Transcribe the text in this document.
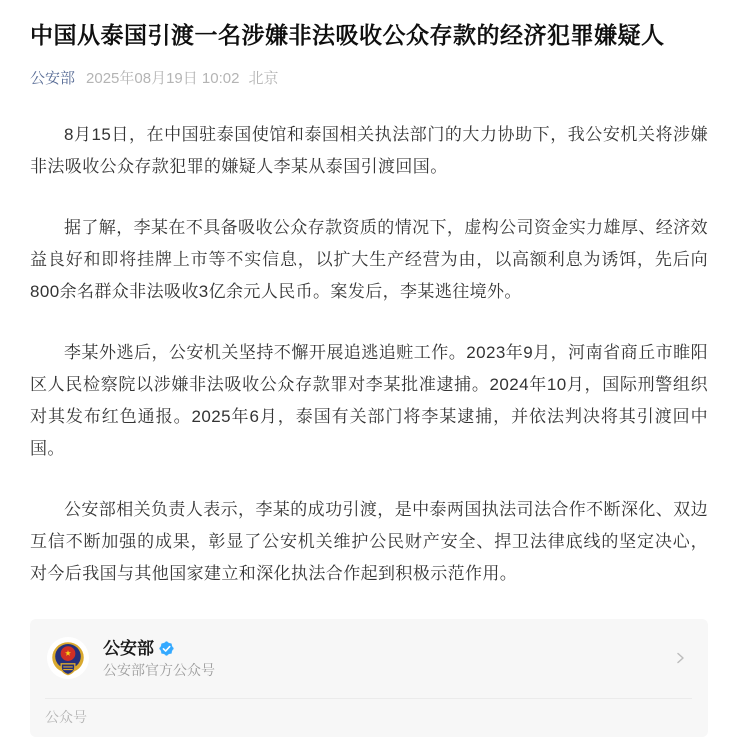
中国从泰国引渡一名涉嫌非法吸收公众存款的经济犯罪嫌疑人
公安部 2025年08月19日 10:02 北京

8月15日，在中国驻泰国使馆和泰国相关执法部门的大力协助下，我公安机关将涉嫌非法吸收公众存款犯罪的嫌疑人李某从泰国引渡回国。

据了解，李某在不具备吸收公众存款资质的情况下，虚构公司资金实力雄厚、经济效益良好和即将挂牌上市等不实信息，以扩大生产经营为由，以高额利息为诱饵，先后向800余名群众非法吸收3亿余元人民币。案发后，李某逃往境外。

李某外逃后，公安机关坚持不懈开展追逃追赃工作。2023年9月，河南省商丘市睢阳区人民检察院以涉嫌非法吸收公众存款罪对李某批准逮捕。2024年10月，国际刑警组织对其发布红色通报。2025年6月，泰国有关部门将李某逮捕，并依法判决将其引渡回中国。

公安部相关负责人表示，李某的成功引渡，是中泰两国执法司法合作不断深化、双边互信不断加强的成果，彰显了公安机关维护公民财产安全、捍卫法律底线的坚定决心，对今后我国与其他国家建立和深化执法合作起到积极示范作用。

公安部
公安部官方公众号
公众号
